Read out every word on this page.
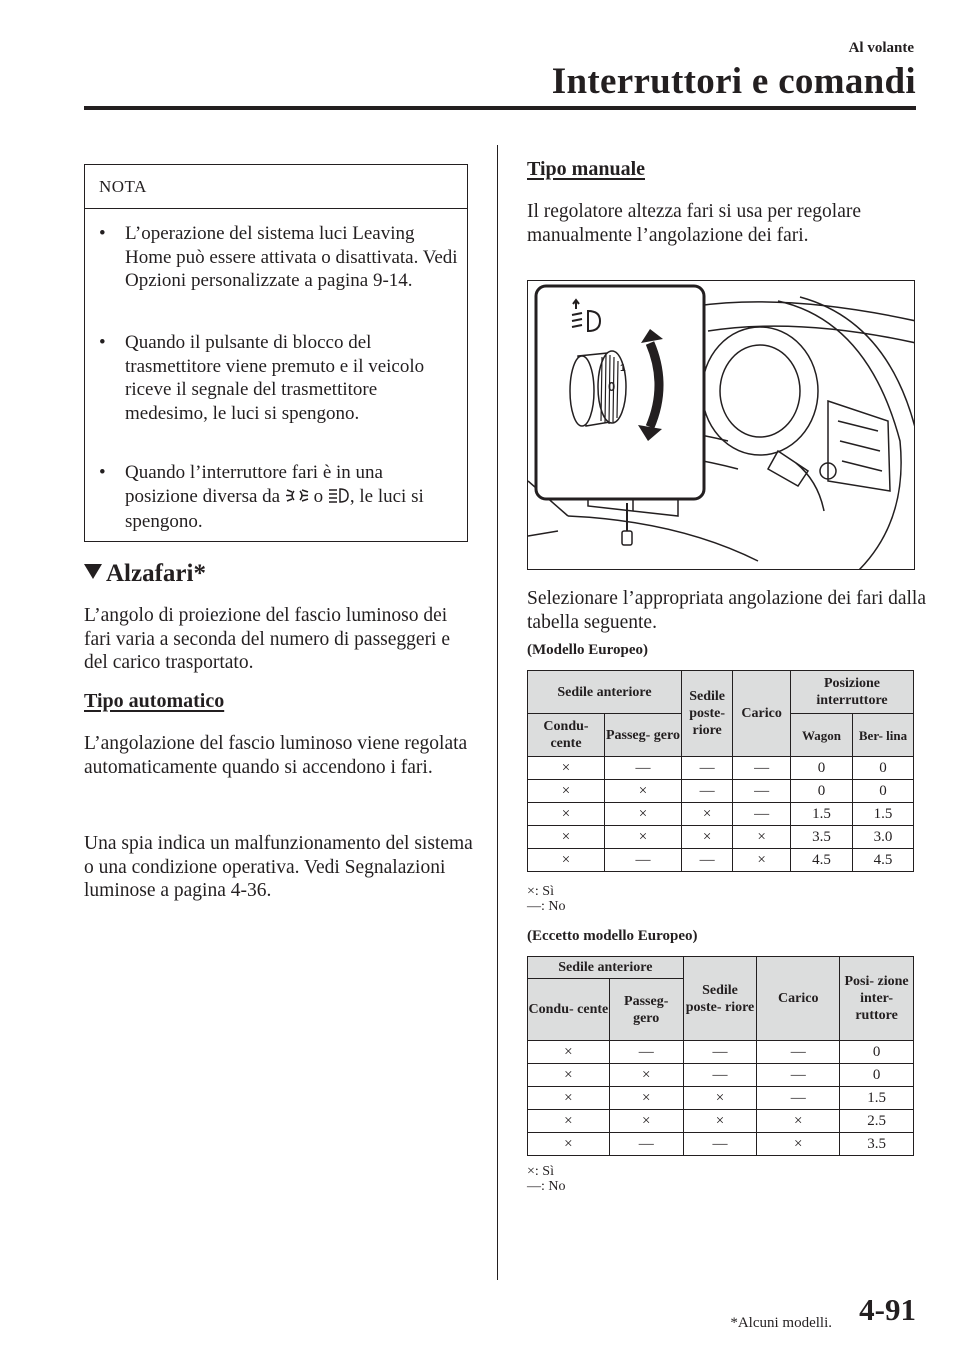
Al volante
Interruttori e comandi
NOTA
• L’operazione del sistema luci Leaving Home può essere attivata o disattivata. Vedi Opzioni personalizzate a pagina 9-14.
• Quando il pulsante di blocco del trasmettitore viene premuto e il veicolo riceve il segnale del trasmettitore medesimo, le luci si spengono.
• Quando l’interruttore fari è in una posizione diversa da  o , le luci si spengono.
Alzafari*
L’angolo di proiezione del fascio luminoso dei fari varia a seconda del numero di passeggeri e del carico trasportato.
Tipo automatico
L’angolazione del fascio luminoso viene regolata automaticamente quando si accendono i fari.
Una spia indica un malfunzionamento del sistema o una condizione operativa. Vedi Segnalazioni luminose a pagina 4-36.
Tipo manuale
Il regolatore altezza fari si usa per regolare manualmente l’angolazione dei fari.
0
1
Selezionare l’appropriata angolazione dei fari dalla tabella seguente.
(Modello Europeo)
Sedile anteriore		Sedile poste- riore	Carico	Posizione interruttore	
Condu- cente	Passeg- gero			Wagon	Ber- lina
×	—	—	—	0	0
×	×	—	—	0	0
×	×	×	—	1.5	1.5
×	×	×	×	3.5	3.0
×	—	—	×	4.5	4.5
×: Sì
—: No
(Eccetto modello Europeo)
Sedile anteriore		Sedile poste- riore	Carico	Posi- zione inter- ruttore
Condu- cente	Passeg- gero			
×	—	—	—	0
×	×	—	—	0
×	×	×	—	1.5
×	×	×	×	2.5
×	—	—	×	3.5
×: Sì
—: No
*Alcuni modelli. 4-91
